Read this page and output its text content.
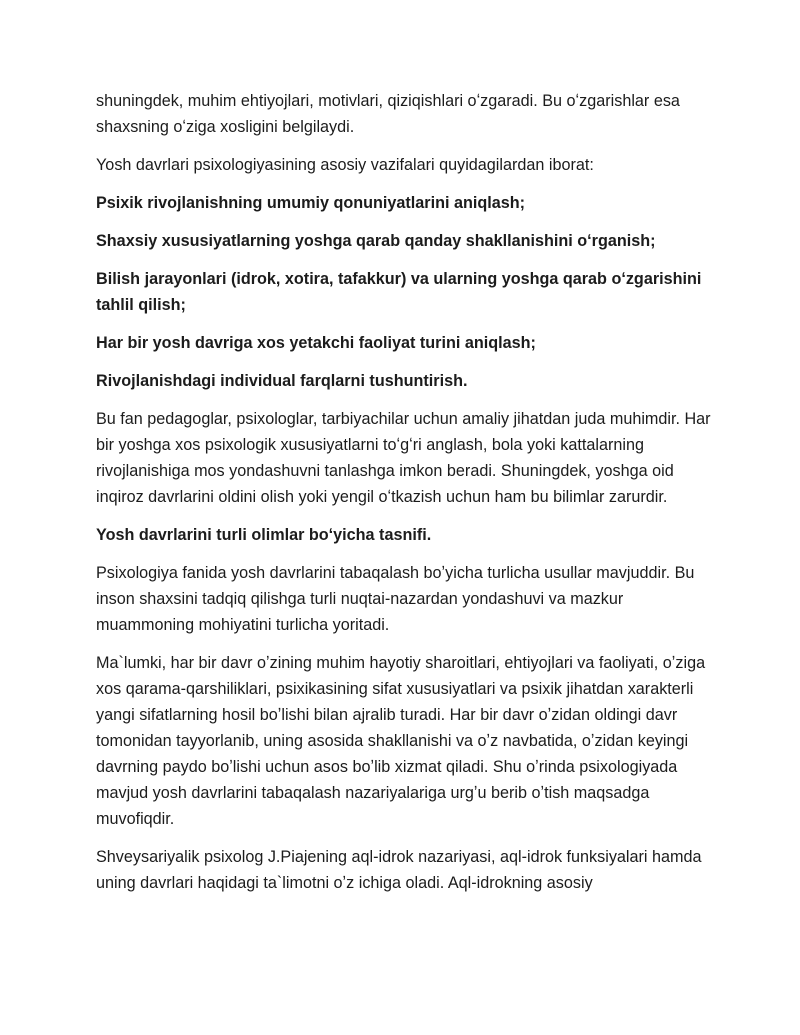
shuningdek, muhim ehtiyojlari, motivlari, qiziqishlari oʻzgaradi. Bu oʻzgarishlar esa shaxsning oʻziga xosligini belgilaydi.

Yosh davrlari psixologiyasining asosiy vazifalari quyidagilardan iborat:

Psixik rivojlanishning umumiy qonuniyatlarini aniqlash;

Shaxsiy xususiyatlarning yoshga qarab qanday shakllanishini oʻrganish;

Bilish jarayonlari (idrok, xotira, tafakkur) va ularning yoshga qarab oʻzgarishini tahlil qilish;

Har bir yosh davriga xos yetakchi faoliyat turini aniqlash;

Rivojlanishdagi individual farqlarni tushuntirish.

Bu fan pedagoglar, psixologlar, tarbiyachilar uchun amaliy jihatdan juda muhimdir. Har bir yoshga xos psixologik xususiyatlarni toʻgʻri anglash, bola yoki kattalarning rivojlanishiga mos yondashuvni tanlashga imkon beradi. Shuningdek, yoshga oid inqiroz davrlarini oldini olish yoki yengil oʻtkazish uchun ham bu bilimlar zarurdir.

Yosh davrlarini turli olimlar boʻyicha tasnifi.

Psixologiya fanida yosh davrlarini tabaqalash boʼyicha turlicha usullar mavjuddir. Bu inson shaxsini tadqiq qilishga turli nuqtai-nazardan yondashuvi va mazkur muammoning mohiyatini turlicha yoritadi.

Ma`lumki, har bir davr oʼzining muhim hayotiy sharoitlari, ehtiyojlari va faoliyati, oʼziga xos qarama-qarshiliklari, psixikasining sifat xususiyatlari va psixik jihatdan xarakterli yangi sifatlarning hosil boʼlishi bilan ajralib turadi. Har bir davr oʼzidan oldingi davr tomonidan tayyorlanib, uning asosida shakllanishi va oʼz navbatida, oʼzidan keyingi davrning paydo boʼlishi uchun asos boʼlib xizmat qiladi. Shu oʼrinda psixologiyada mavjud yosh davrlarini tabaqalash nazariyalariga urgʼu berib oʼtish maqsadga muvofiqdir.

Shveysariyalik psixolog J.Piajening aql-idrok nazariyasi, aql-idrok funksiyalari hamda uning davrlari haqidagi ta`limotni oʼz ichiga oladi. Aql-idrokning asosiy
